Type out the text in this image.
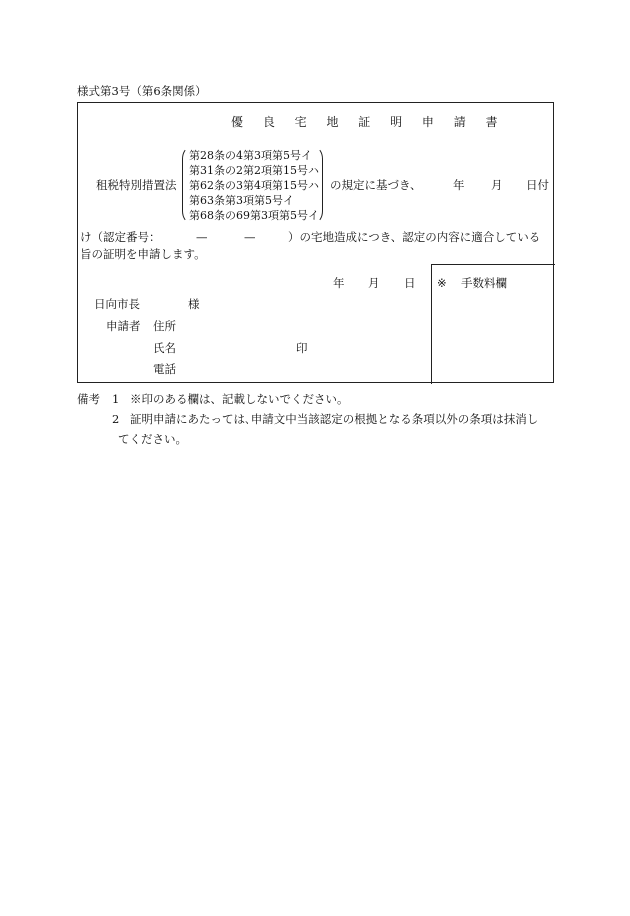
様式第3号（第6条関係）
優 良 宅 地 証 明 申 請 書
租税特別措置法
第28条の4第3項第5号イ
第31条の2第2項第15号ハ
第62条の3第4項第15号ハ
第63条第3項第5号イ
第68条の69第3項第5号イ
の規定に基づき、	年 月 日付
け（認定番号：	—	—	）の宅地造成につき、認定の内容に適合している
旨の証明を申請します。
※ 手数料欄
年 月 日
日向市長	様
申請者 住所
氏名	印
電話
備考 1 ※印のある欄は、記載しないでください。
2 証明申請にあたっては､申請文中当該認定の根拠となる条項以外の条項は抹消し
てください。
